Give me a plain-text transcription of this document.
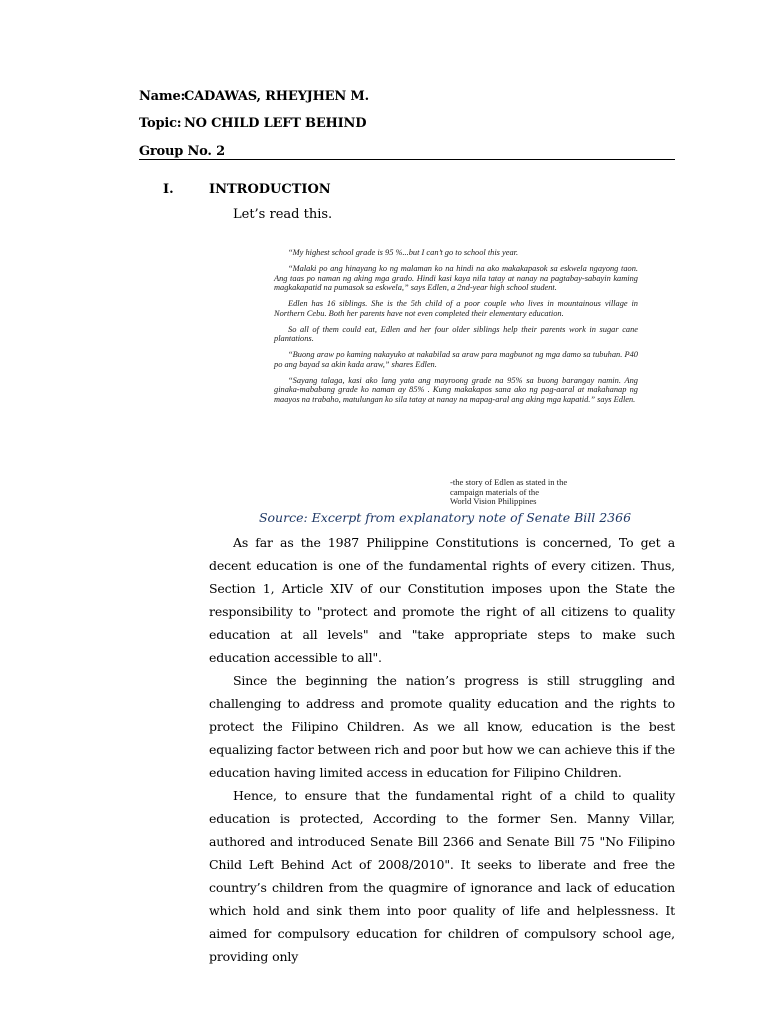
Name:CADAWAS, RHEYJHEN M.
Topic: NO CHILD LEFT BEHIND
Group No. 2
I.	INTRODUCTION
Let’s read this.

“My highest school grade is 95 %...but I can’t go to school this year.

“Malaki po ang hinayang ko ng malaman ko na hindi na ako makakapasok sa eskwela ngayong taon. Ang taas po naman ng aking mga grado. Hindi kasi kaya nila tatay at nanay na pagtabay-sabayin kaming magkakapatid na pumasok sa eskwela,” says Edlen, a 2nd-year high school student.

Edlen has 16 siblings. She is the 5th child of a poor couple who lives in mountainous village in Northern Cebu. Both her parents have not even completed their elementary education.

So all of them could eat, Edlen and her four older siblings help their parents work in sugar cane plantations.

“Buong araw po kaming nakayuko at nakabilad sa araw para magbunot ng mga damo sa tubuhan. P40 po ang bayad sa akin kada araw,” shares Edlen.

“Sayang talaga, kasi ako lang yata ang mayroong grade na 95% sa buong barangay namin. Ang ginaka-mababang grade ko naman ay 85% . Kung makakapos sana ako ng pag-aaral at makahanap ng maayos na trabaho, matulungan ko sila tatay at nanay na mapag-aral ang aking mga kapatid.” says Edlen.

-the story of Edlen as stated in the
campaign materials of the
World Vision Philippines
Source: Excerpt from explanatory note of Senate Bill 2366

As far as the 1987 Philippine Constitutions is concerned, To get a decent education is one of the fundamental rights of every citizen. Thus, Section 1, Article XIV of our Constitution imposes upon the State the responsibility to "protect and promote the right of all citizens to quality education at all levels" and "take appropriate steps to make such education accessible to all".

Since the beginning the nation’s progress is still struggling and challenging to address and promote quality education and the rights to protect the Filipino Children. As we all know, education is the best equalizing factor between rich and poor but how we can achieve this if the education having limited access in education for Filipino Children.

Hence, to ensure that the fundamental right of a child to quality education is protected, According to the former Sen. Manny Villar, authored and introduced Senate Bill 2366 and Senate Bill 75 "No Filipino Child Left Behind Act of 2008/2010". It seeks to liberate and free the country’s children from the quagmire of ignorance and lack of education which hold and sink them into poor quality of life and helplessness. It aimed for compulsory education for children of compulsory school age, providing only
